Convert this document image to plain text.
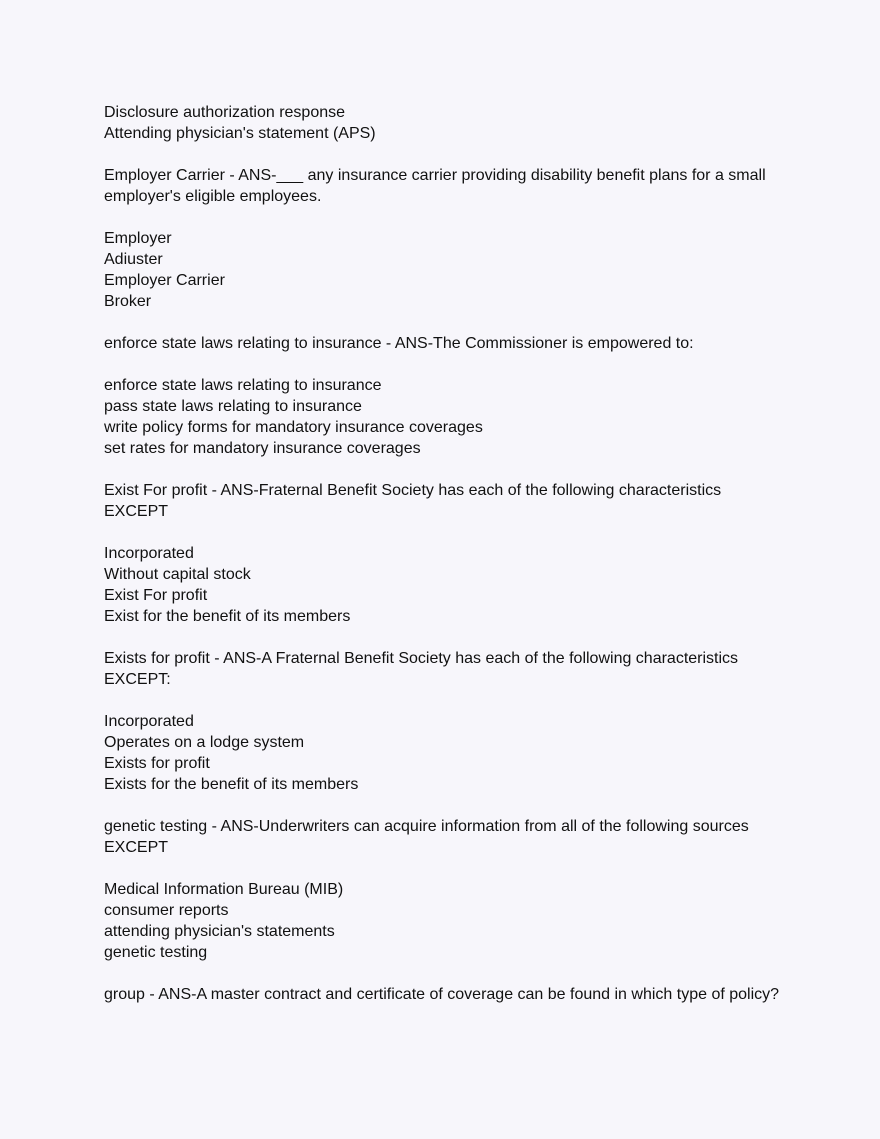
Disclosure authorization response
Attending physician's statement (APS)
Employer Carrier - ANS-___ any insurance carrier providing disability benefit plans for a small
employer's eligible employees.
Employer
Adiuster
Employer Carrier
Broker
enforce state laws relating to insurance - ANS-The Commissioner is empowered to:
enforce state laws relating to insurance
pass state laws relating to insurance
write policy forms for mandatory insurance coverages
set rates for mandatory insurance coverages
Exist For profit - ANS-Fraternal Benefit Society has each of the following characteristics
EXCEPT
Incorporated
Without capital stock
Exist For profit
Exist for the benefit of its members
Exists for profit - ANS-A Fraternal Benefit Society has each of the following characteristics
EXCEPT:
Incorporated
Operates on a lodge system
Exists for profit
Exists for the benefit of its members
genetic testing - ANS-Underwriters can acquire information from all of the following sources
EXCEPT
Medical Information Bureau (MIB)
consumer reports
attending physician's statements
genetic testing
group - ANS-A master contract and certificate of coverage can be found in which type of policy?
